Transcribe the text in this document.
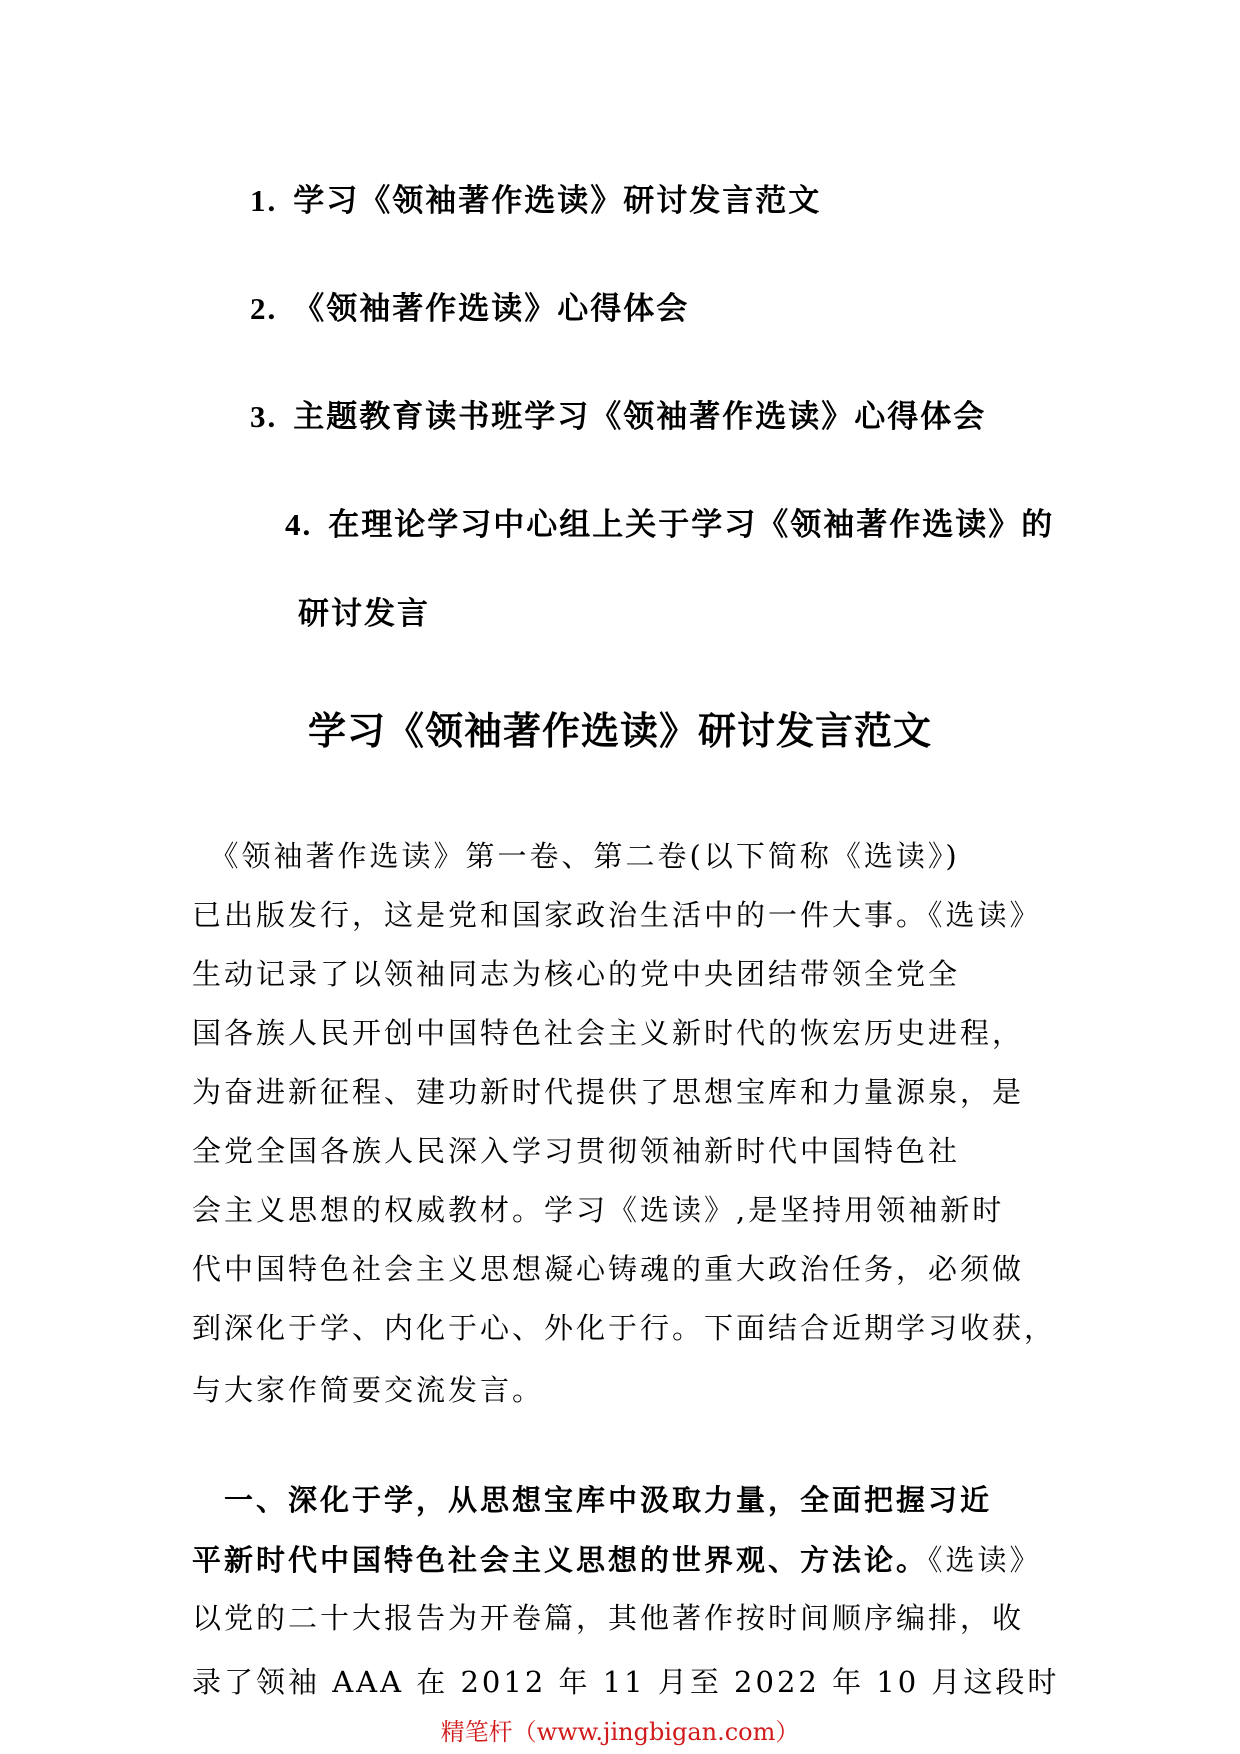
1. 学习《领袖著作选读》研讨发言范文
2. 《领袖著作选读》心得体会
3. 主题教育读书班学习《领袖著作选读》心得体会
4. 在理论学习中心组上关于学习《领袖著作选读》的
研讨发言
学习《领袖著作选读》研讨发言范文
　《领袖著作选读》第一卷、第二卷(以下简称《选读》)
已出版发行，这是党和国家政治生活中的一件大事。《选读》
生动记录了以领袖同志为核心的党中央团结带领全党全
国各族人民开创中国特色社会主义新时代的恢宏历史进程，
为奋进新征程、建功新时代提供了思想宝库和力量源泉，是
全党全国各族人民深入学习贯彻领袖新时代中国特色社
会主义思想的权威教材。学习《选读》,是坚持用领袖新时
代中国特色社会主义思想凝心铸魂的重大政治任务，必须做
到深化于学、内化于心、外化于行。下面结合近期学习收获，
与大家作简要交流发言。
　一、深化于学，从思想宝库中汲取力量，全面把握习近
平新时代中国特色社会主义思想的世界观、方法论。《选读》
以党的二十大报告为开卷篇，其他著作按时间顺序编排，收
录了领袖 AAA 在 2012 年 11 月至 2022 年 10 月这段时
精笔杆（www.jingbigan.com）
